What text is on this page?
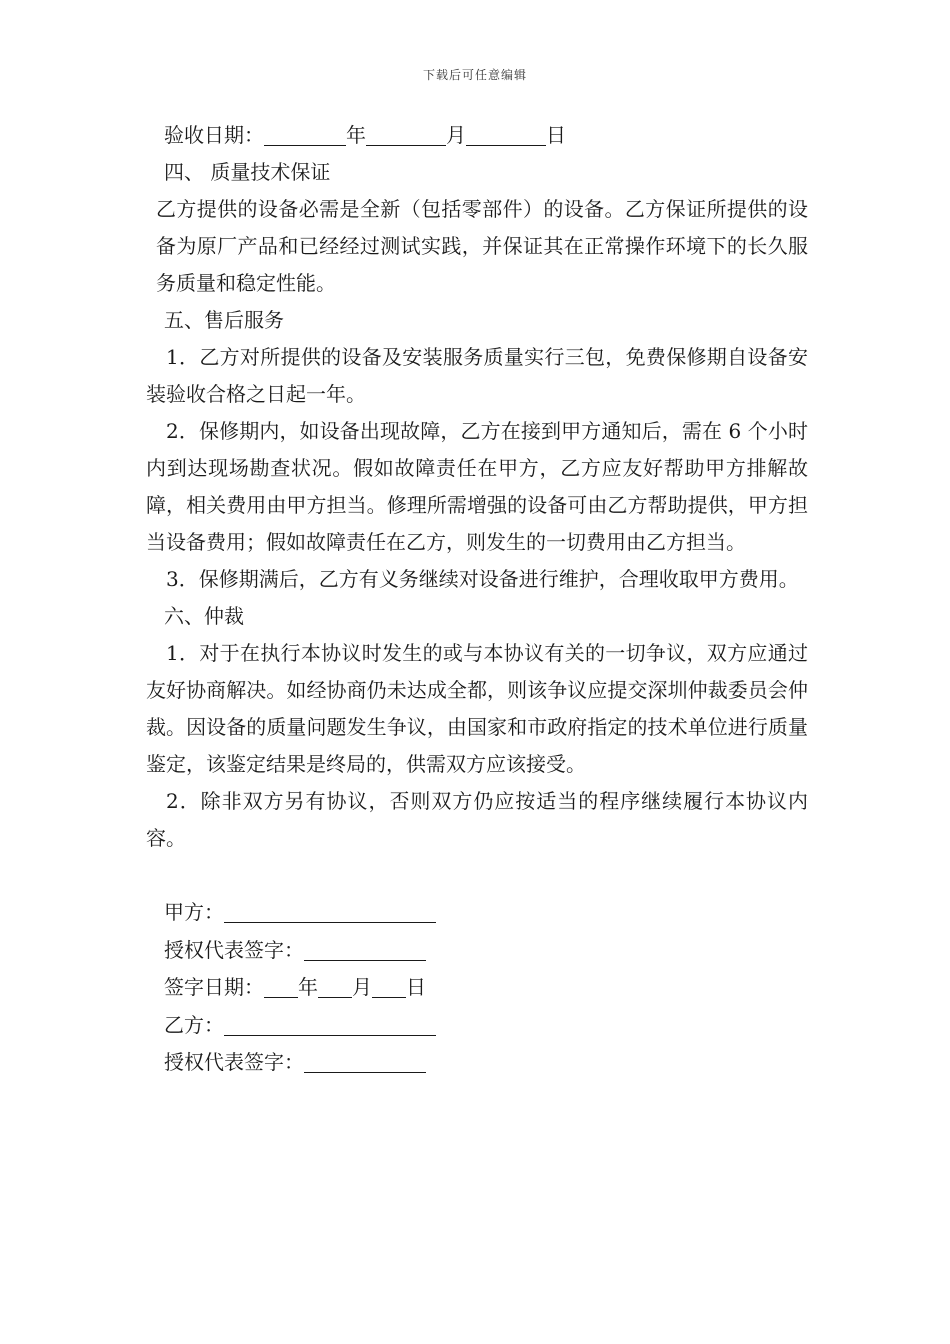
下载后可任意编辑
验收日期：	年	月	日
四、 质量技术保证
乙方提供的设备必需是全新（包括零部件）的设备。乙方保证所提供的设备为原厂产品和已经经过测试实践，并保证其在正常操作环境下的长久服务质量和稳定性能。
五、售后服务
1．乙方对所提供的设备及安装服务质量实行三包，免费保修期自设备安装验收合格之日起一年。
2．保修期内，如设备出现故障，乙方在接到甲方通知后，需在 6 个小时内到达现场勘查状况。假如故障责任在甲方，乙方应友好帮助甲方排解故障，相关费用由甲方担当。修理所需增强的设备可由乙方帮助提供，甲方担当设备费用；假如故障责任在乙方，则发生的一切费用由乙方担当。
3．保修期满后，乙方有义务继续对设备进行维护，合理收取甲方费用。
六、仲裁
1．对于在执行本协议时发生的或与本协议有关的一切争议，双方应通过友好协商解决。如经协商仍未达成全都，则该争议应提交深圳仲裁委员会仲裁。因设备的质量问题发生争议，由国家和市政府指定的技术单位进行质量鉴定，该鉴定结果是终局的，供需双方应该接受。
2．除非双方另有协议，否则双方仍应按适当的程序继续履行本协议内容。
甲方：
授权代表签字：
签字日期： 年 月 日
乙方：
授权代表签字：
